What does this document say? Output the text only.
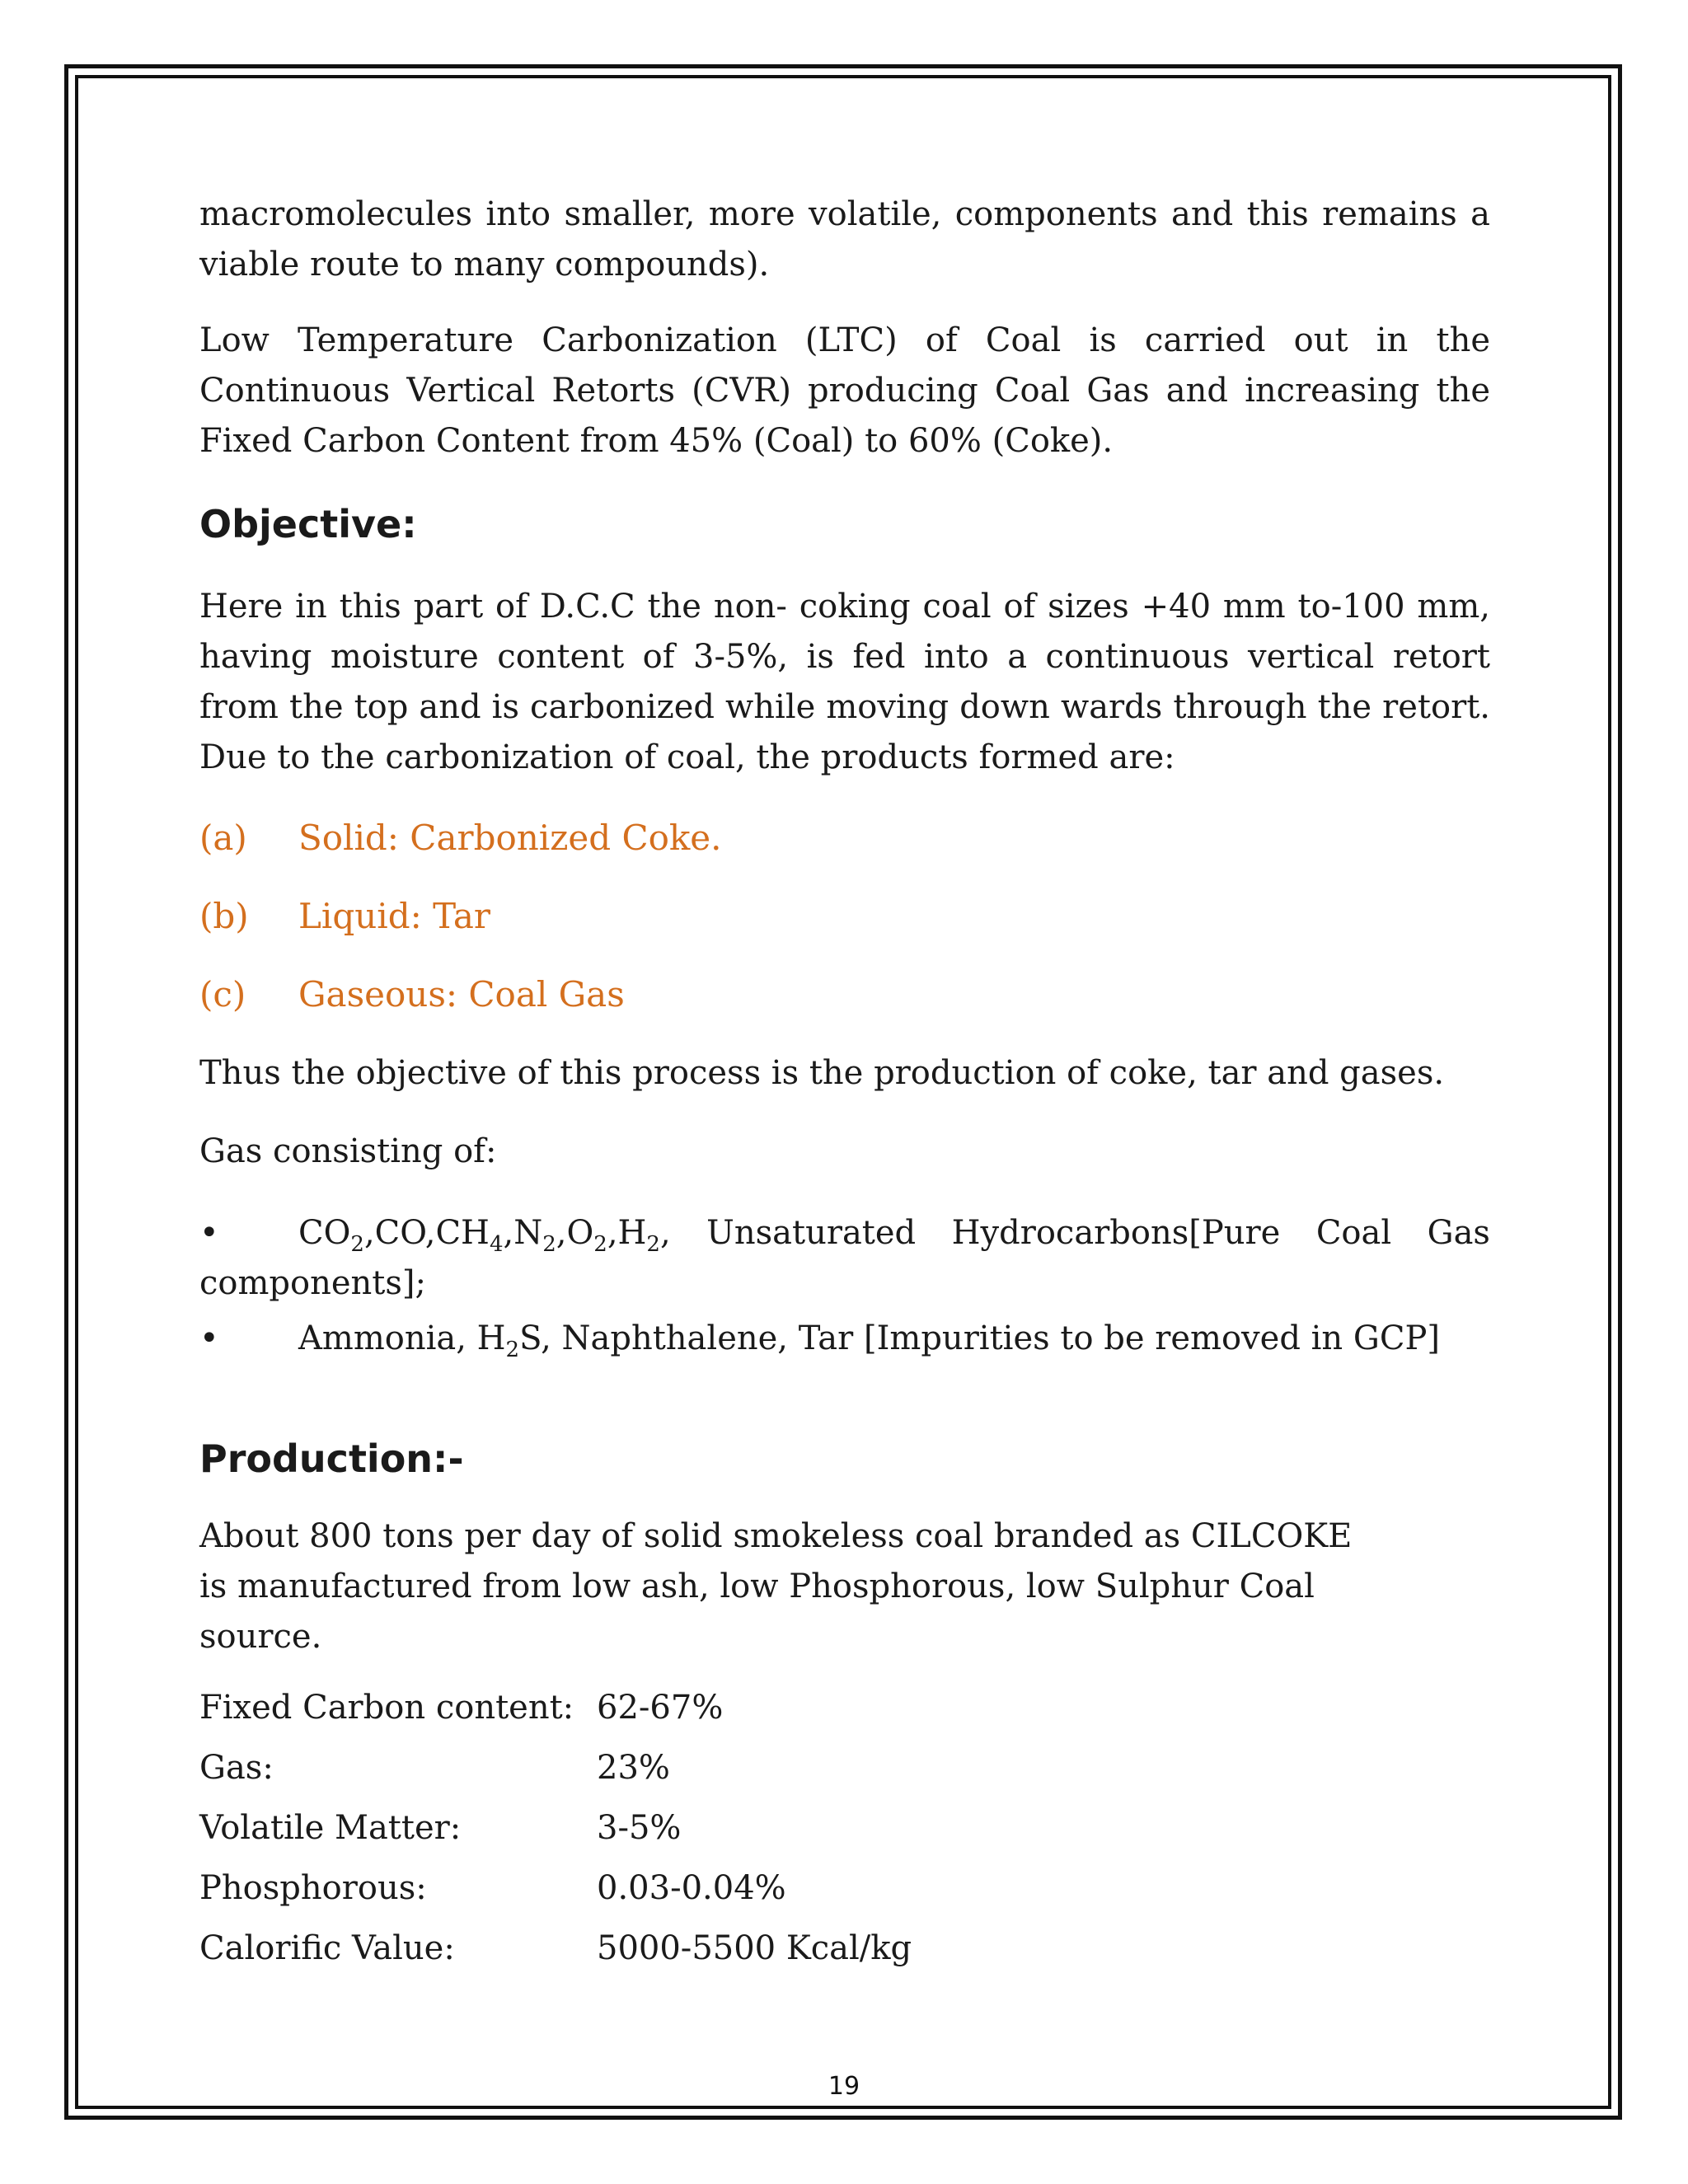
macromolecules into smaller, more volatile, components and this remains a viable route to many compounds).

Low Temperature Carbonization (LTC) of Coal is carried out in the Continuous Vertical Retorts (CVR) producing Coal Gas and increasing the Fixed Carbon Content from 45% (Coal) to 60% (Coke).

Objective:

Here in this part of D.C.C the non- coking coal of sizes +40 mm to-100 mm, having moisture content of 3-5%, is fed into a continuous vertical retort from the top and is carbonized while moving down wards through the retort. Due to the carbonization of coal, the products formed are:

(a)	Solid: Carbonized Coke.
(b)	Liquid: Tar
(c)	Gaseous: Coal Gas

Thus the objective of this process is the production of coke, tar and gases.

Gas consisting of:

•	$CO_2,CO,CH_4,N_2,O_2,H_2$, Unsaturated Hydrocarbons[Pure Coal Gas
components];
• Ammonia, $H_2S$, Naphthalene, Tar [Impurities to be removed in GCP]
Production:-

About 800 tons per day of solid smokeless coal branded as CILCOKE is manufactured from low ash, low Phosphorous, low Sulphur Coal source.

Fixed Carbon content:	62-67%
Gas:	23%
Volatile Matter:	3-5%
Phosphorous:	0.03-0.04%
Calorific Value:	5000-5500 Kcal/kg
19
